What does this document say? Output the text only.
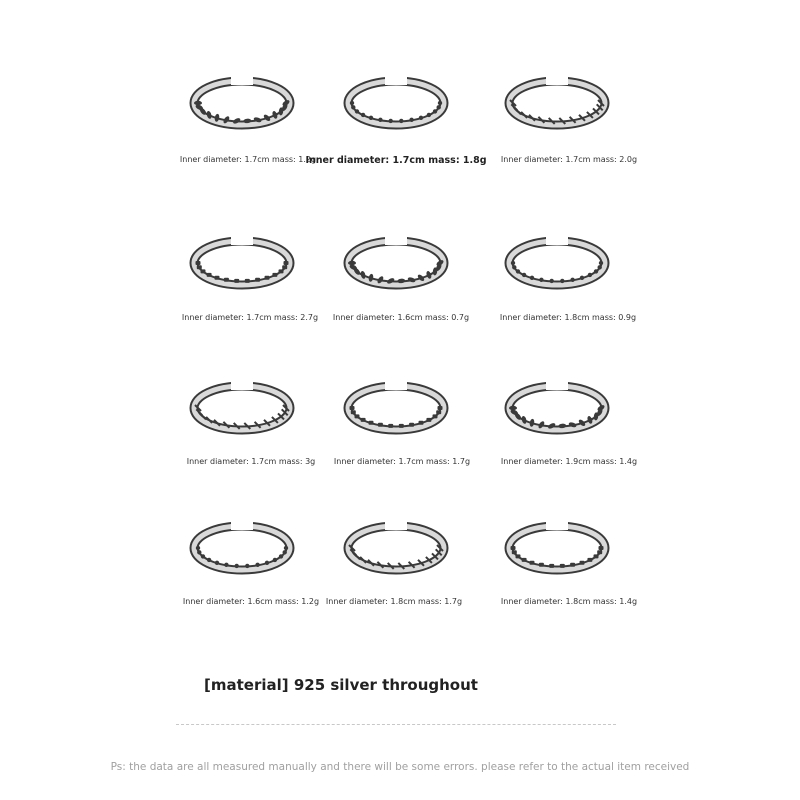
Inner diameter: 1.7cm mass: 1.2g
Inner diameter: 1.7cm mass: 1.8g Inner diameter: 1.7cm mass: 2.0g
Inner diameter: 1.7cm mass: 2.7g Inner diameter: 1.6cm mass: 0.7g	Inner diameter: 1.8cm mass: 0.9g
Inner diameter: 1.7cm mass: 3g Inner diameter: 1.7cm mass: 1.7g	Inner diameter: 1.9cm mass: 1.4g
Inner diameter: 1.6cm mass: 1.2g Inner diameter: 1.8cm mass: 1.7g	Inner diameter: 1.8cm mass: 1.4g
[material] 925 silver throughout
Ps: the data are all measured manually and there will be some errors. please refer to the actual item received
